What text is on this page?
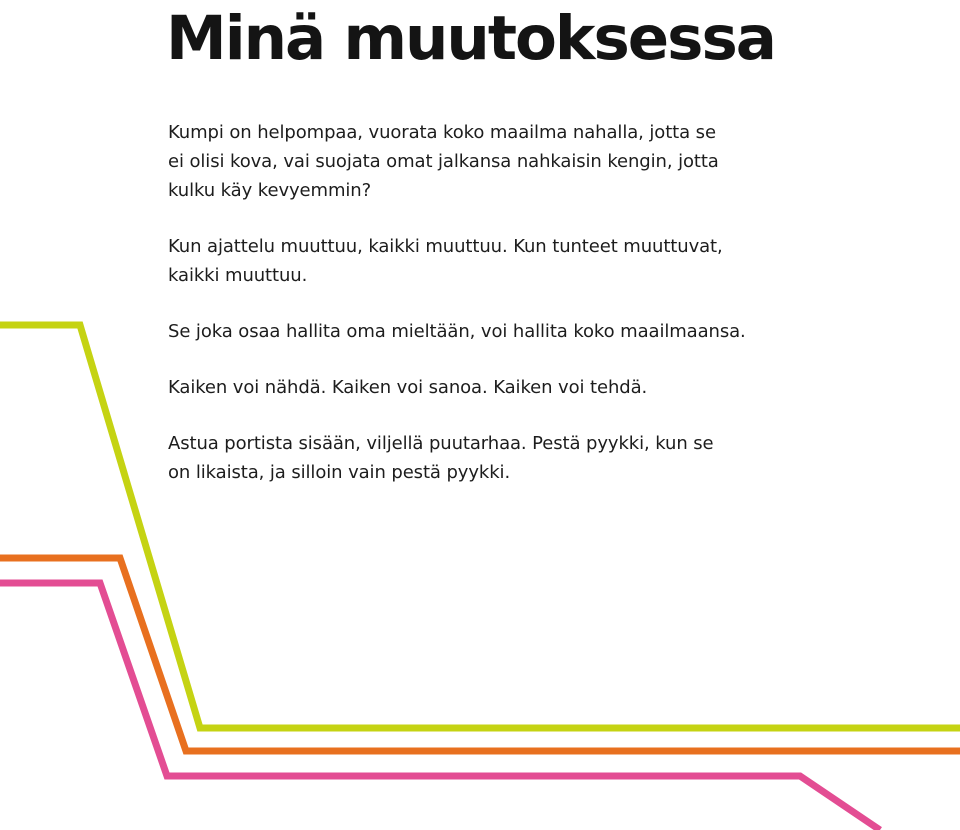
Minä muutoksessa

Kumpi on helpompaa, vuorata koko maailma nahalla, jotta se
ei olisi kova, vai suojata omat jalkansa nahkaisin kengin, jotta
kulku käy kevyemmin?

Kun ajattelu muuttuu, kaikki muuttuu. Kun tunteet muuttuvat,
kaikki muuttuu.

Se joka osaa hallita oma mieltään, voi hallita koko maailmaansa.

Kaiken voi nähdä. Kaiken voi sanoa. Kaiken voi tehdä.

Astua portista sisään, viljellä puutarhaa. Pestä pyykki, kun se
on likaista, ja silloin vain pestä pyykki.
